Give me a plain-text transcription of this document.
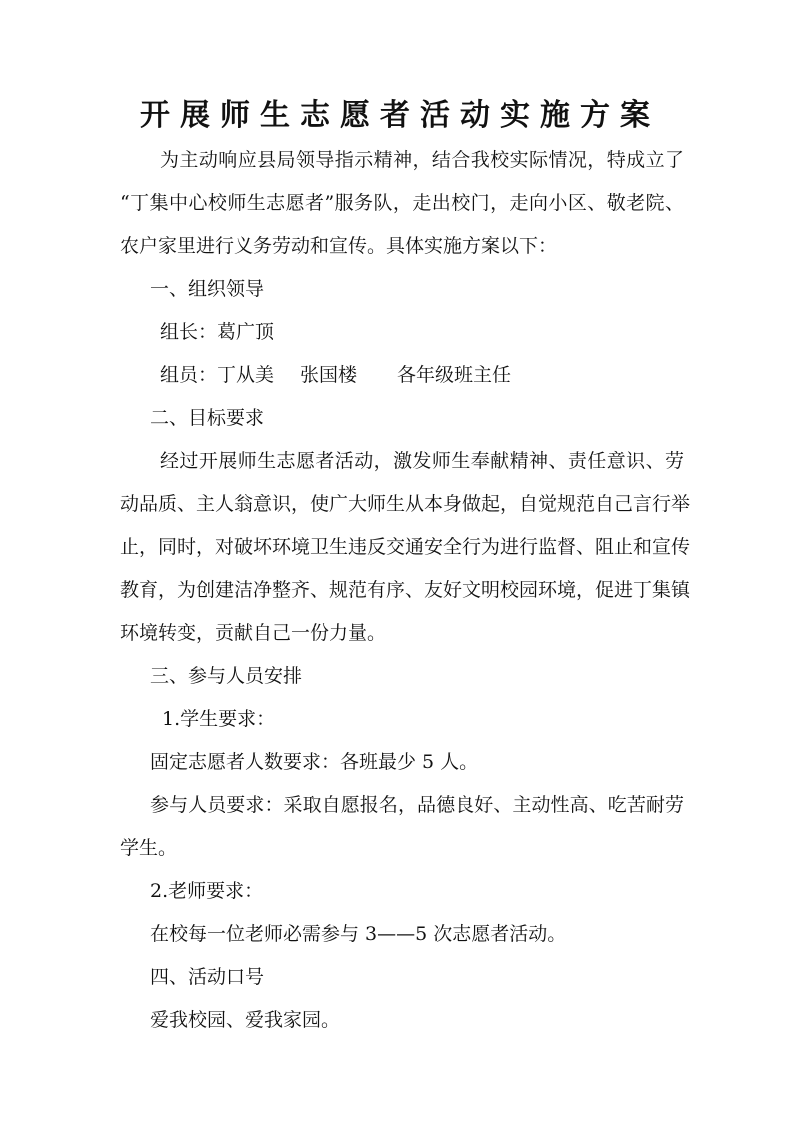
开展师生志愿者活动实施方案
为主动响应县局领导指示精神，结合我校实际情况，特成立了
“丁集中心校师生志愿者”服务队，走出校门，走向小区、敬老院、
农户家里进行义务劳动和宣传。具体实施方案以下：
一、组织领导
组长：葛广顶
组员：丁从美 张国楼 各年级班主任
二、目标要求
经过开展师生志愿者活动，激发师生奉献精神、责任意识、劳
动品质、主人翁意识，使广大师生从本身做起，自觉规范自己言行举
止，同时，对破坏环境卫生违反交通安全行为进行监督、阻止和宣传
教育，为创建洁净整齐、规范有序、友好文明校园环境，促进丁集镇
环境转变，贡献自己一份力量。
三、参与人员安排
1.学生要求：
固定志愿者人数要求：各班最少 5 人。
参与人员要求：采取自愿报名，品德良好、主动性高、吃苦耐劳
学生。
2.老师要求：
在校每一位老师必需参与 3——5 次志愿者活动。
四、活动口号
爱我校园、爱我家园。
